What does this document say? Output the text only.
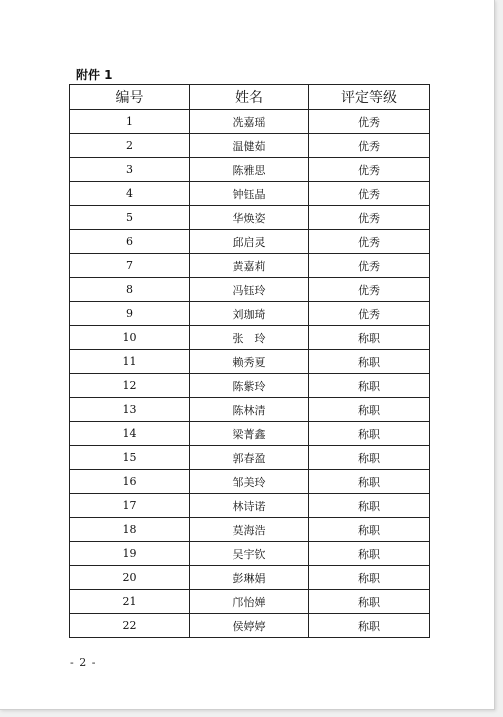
附件 1

编号	姓名	评定等级
1	冼嘉瑶	优秀
2	温健茹	优秀
3	陈雅思	优秀
4	钟钰晶	优秀
5	华焕姿	优秀
6	邱启灵	优秀
7	黄嘉莉	优秀
8	冯钰玲	优秀
9	刘珈琦	优秀
10	张　玲	称职
11	赖秀夏	称职
12	陈紫玲	称职
13	陈林清	称职
14	梁菁鑫	称职
15	郭春盈	称职
16	邹美玲	称职
17	林诗诺	称职
18	莫海浩	称职
19	吴宇钦	称职
20	彭琳娟	称职
21	邝怡婵	称职
22	侯婷婷	称职
- 2 -
